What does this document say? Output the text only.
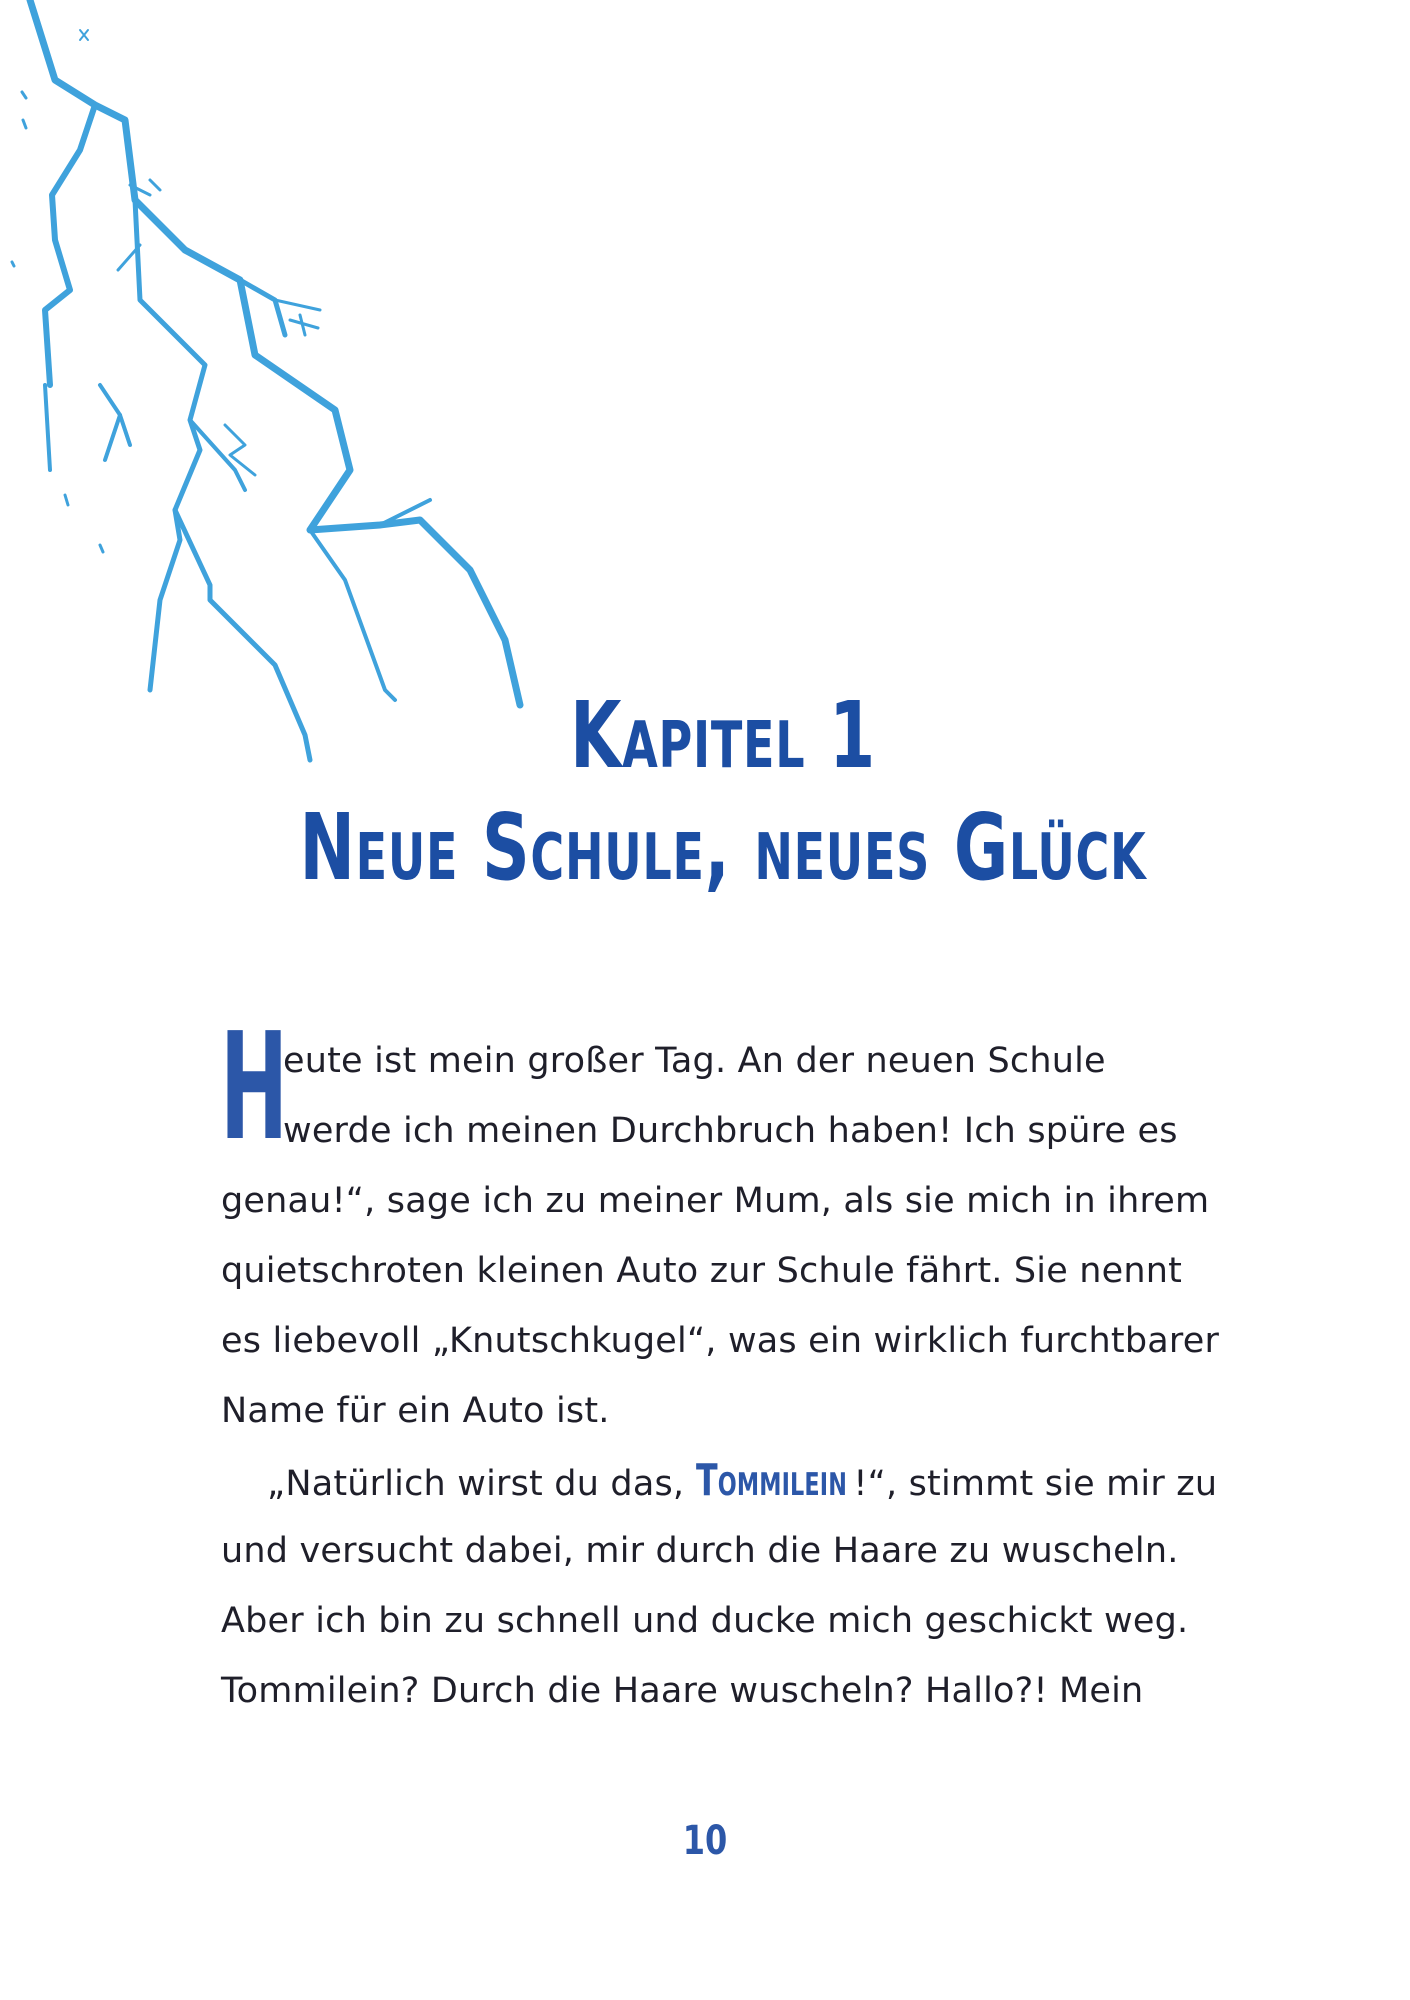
Kapitel 1
Neue Schule, neues Glück
H
eute ist mein großer Tag. An der neuen Schule
werde ich meinen Durchbruch haben! Ich spüre es
genau!“, sage ich zu meiner Mum, als sie mich in ihrem
quietschroten kleinen Auto zur Schule fährt. Sie nennt
es liebevoll „Knutschkugel“, was ein wirklich furchtbarer
Name für ein Auto ist.
„Natürlich wirst du das, Tommilein !“, stimmt sie mir zu
und versucht dabei, mir durch die Haare zu wuscheln.
Aber ich bin zu schnell und ducke mich geschickt weg.
Tommilein? Durch die Haare wuscheln? Hallo?! Mein
10
